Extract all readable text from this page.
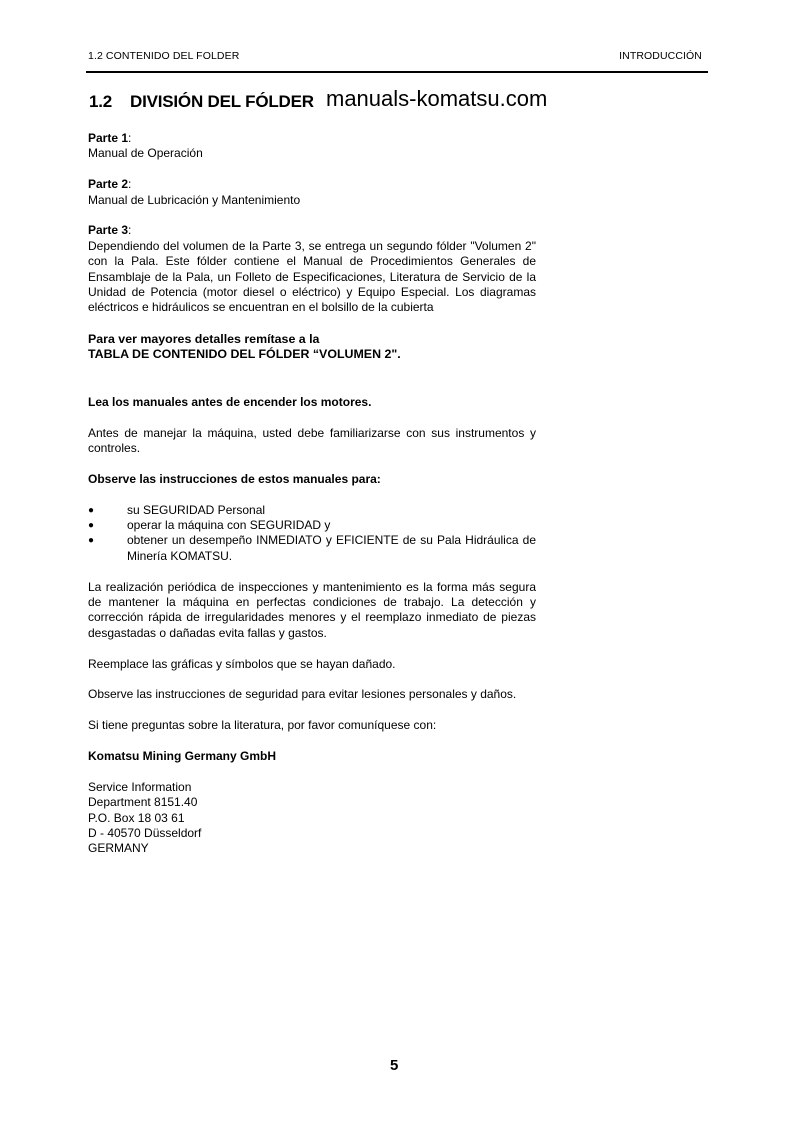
1.2 CONTENIDO DEL FOLDER	INTRODUCCIÓN
1.2 DIVISIÓN DEL FÓLDER manuals-komatsu.com

Parte 1:

Manual de Operación

Parte 2:

Manual de Lubricación y Mantenimiento

Parte 3:

Dependiendo del volumen de la Parte 3, se entrega un segundo fólder "Volumen 2" con la Pala. Este fólder contiene el Manual de Procedimientos Generales de Ensamblaje de la Pala, un Folleto de Especificaciones, Literatura de Servicio de la Unidad de Potencia (motor diesel o eléctrico) y Equipo Especial. Los diagramas eléctricos e hidráulicos se encuentran en el bolsillo de la cubierta

Para ver mayores detalles remítase a la

TABLA DE CONTENIDO DEL FÓLDER “VOLUMEN 2".

Lea los manuales antes de encender los motores.

Antes de manejar la máquina, usted debe familiarizarse con sus instrumentos y controles.

Observe las instrucciones de estos manuales para:

●	su SEGURIDAD Personal
●	operar la máquina con SEGURIDAD y
●	obtener un desempeño INMEDIATO y EFICIENTE de su Pala Hidráulica de Minería KOMATSU.

La realización periódica de inspecciones y mantenimiento es la forma más segura de mantener la máquina en perfectas condiciones de trabajo. La detección y corrección rápida de irregularidades menores y el reemplazo inmediato de piezas desgastadas o dañadas evita fallas y gastos.

Reemplace las gráficas y símbolos que se hayan dañado.

Observe las instrucciones de seguridad para evitar lesiones personales y daños.

Si tiene preguntas sobre la literatura, por favor comuníquese con:

Komatsu Mining Germany GmbH

Service Information

Department 8151.40

P.O. Box 18 03 61

D - 40570 Düsseldorf

GERMANY

5
